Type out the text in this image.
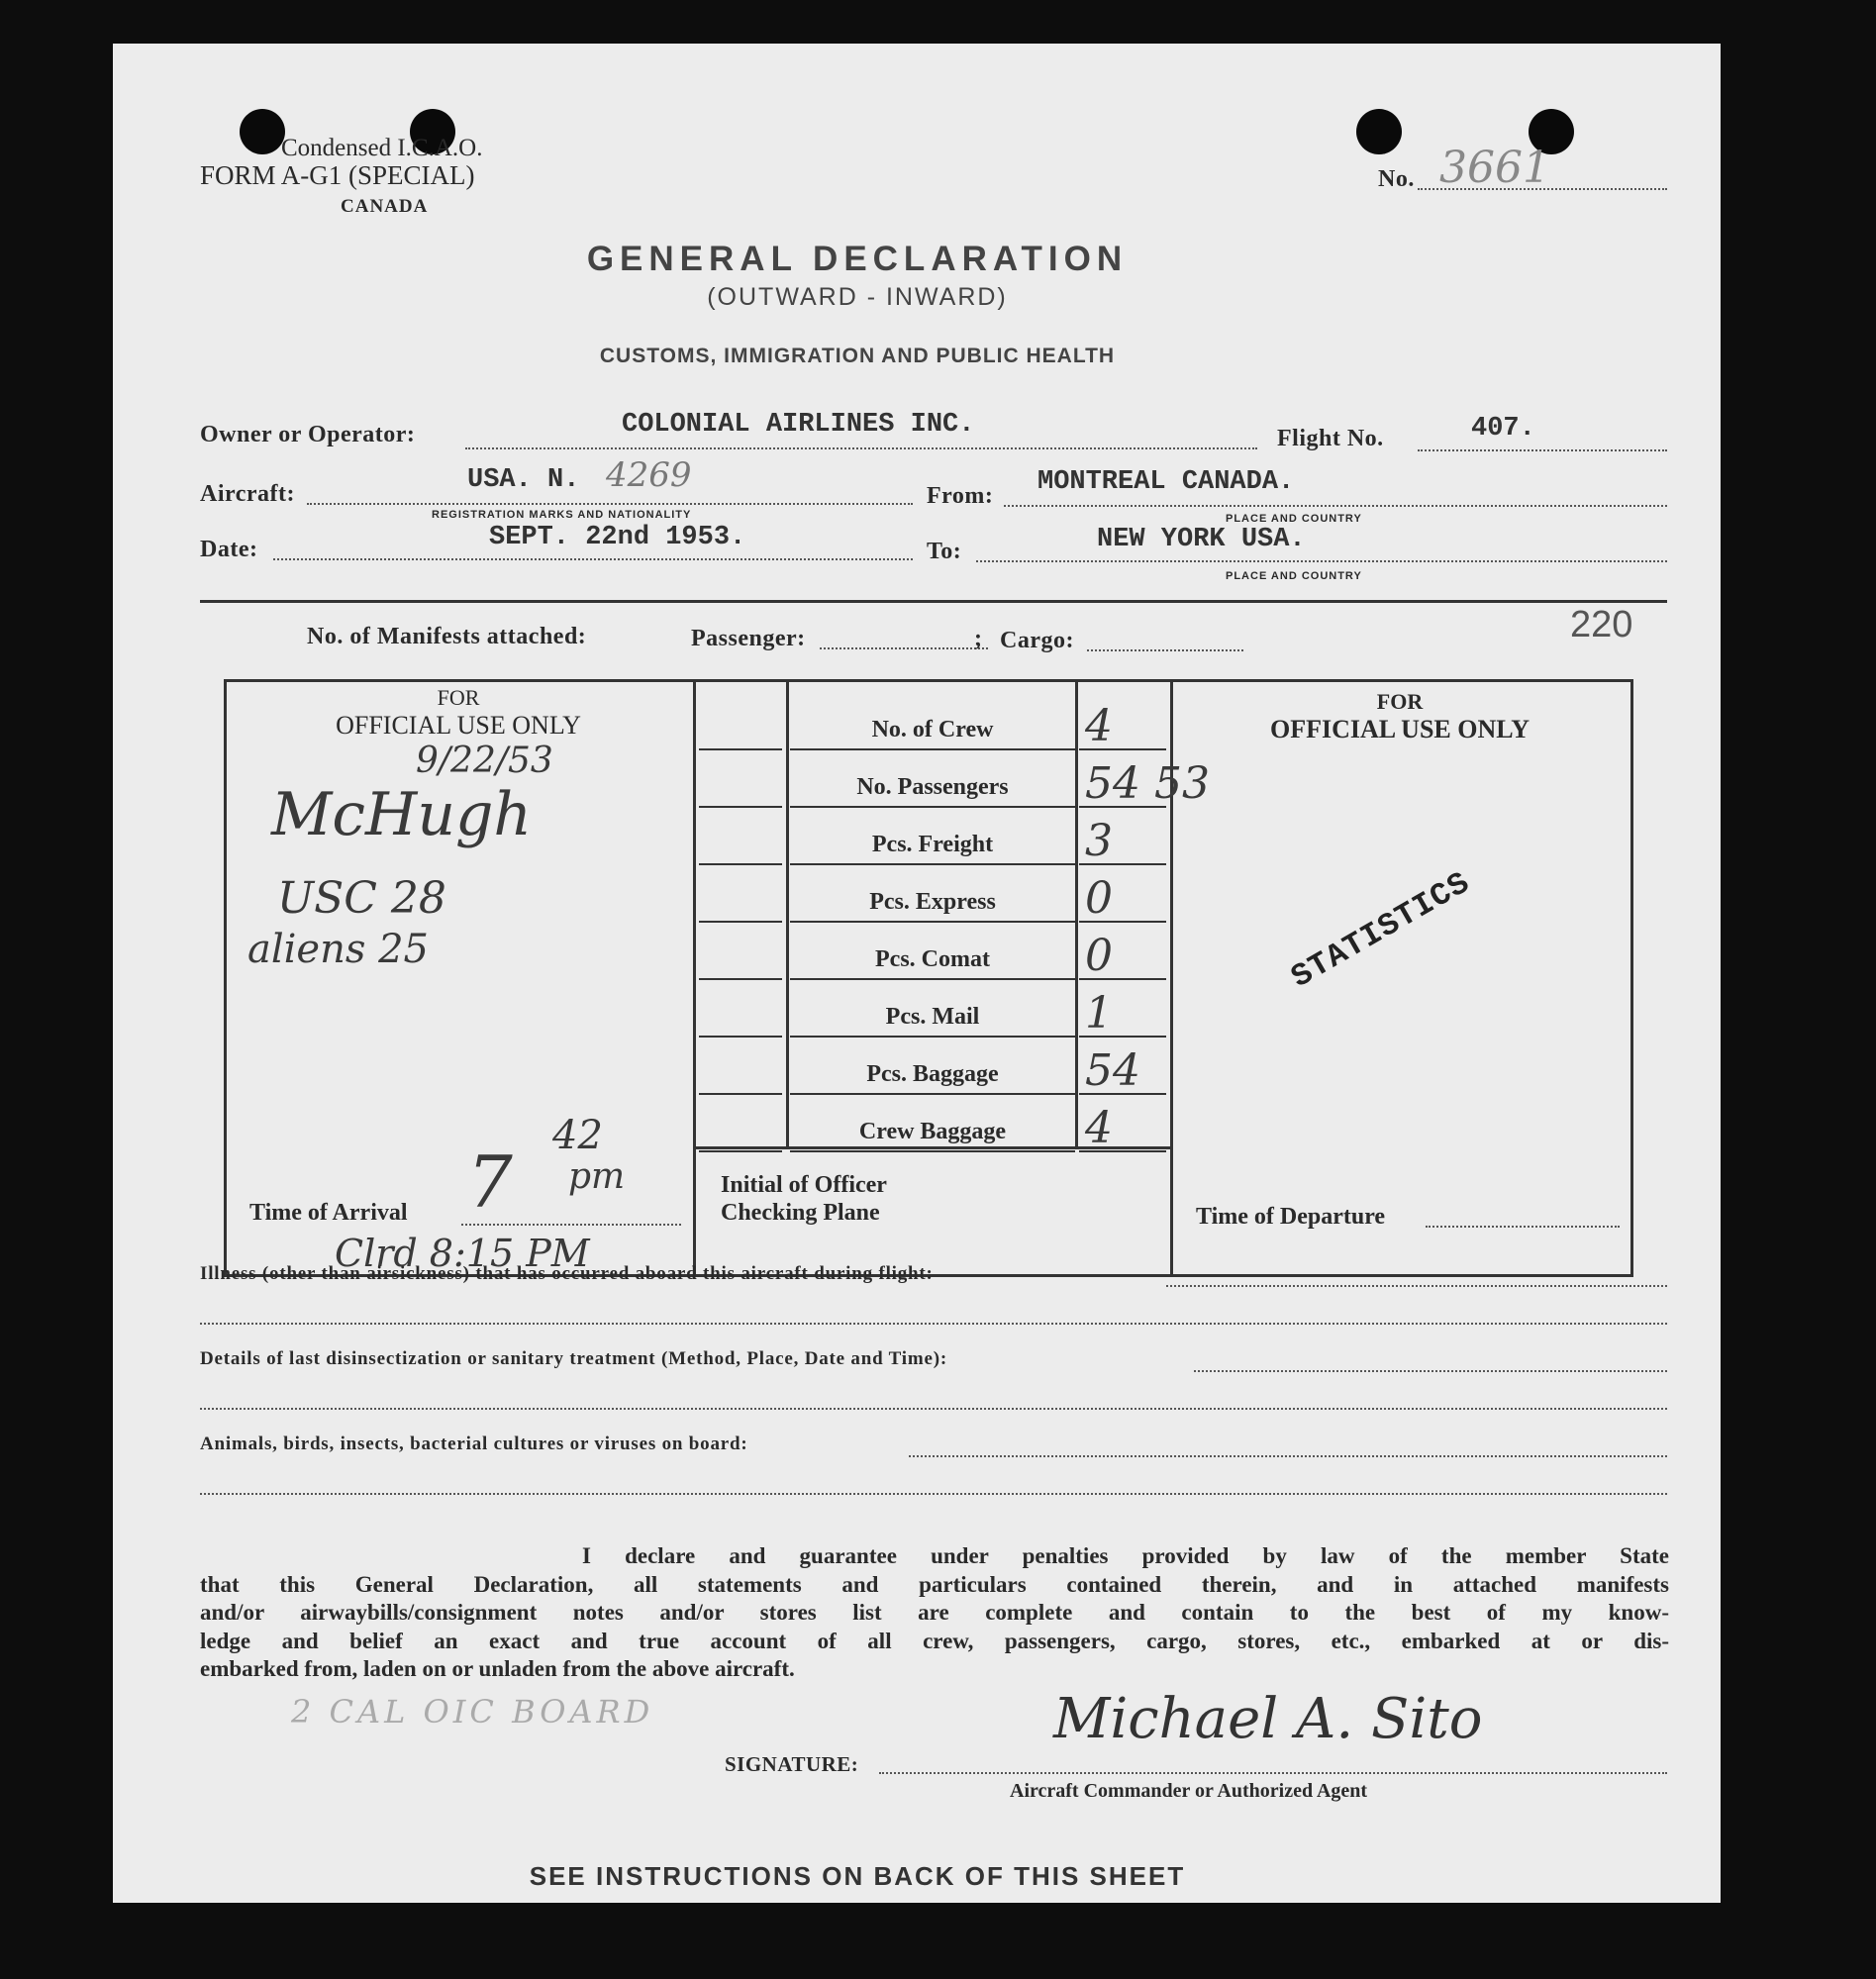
Condensed I.C.A.O.
FORM A-G1 (SPECIAL)
CANADA
No. 3661
GENERAL DECLARATION
(OUTWARD - INWARD)
CUSTOMS, IMMIGRATION AND PUBLIC HEALTH
Owner or Operator:	COLONIAL AIRLINES INC.	Flight No.	407.
Aircraft:	USA. N. 4269
REGISTRATION MARKS AND NATIONALITY
From: MONTREAL CANADA.
PLACE AND COUNTRY
Date:	SEPT. 22nd 1953.	To:	NEW YORK USA.
PLACE AND COUNTRY
No. of Manifests attached:	Passenger:	; Cargo:	220
FOR
OFFICIAL USE ONLY
9/22/53
McHugh
USC 28
aliens 25
Time of Arrival 7
42
pm	Initial of Officer
Checking Plane
FOR
OFFICIAL USE ONLY
STATISTICS
Time of Departure
Clrd 8:15 PM
Illness (other than airsickness) that has occurred aboard this aircraft during flight:
Details of last disinsectization or sanitary treatment (Method, Place, Date and Time):
Animals, birds, insects, bacterial cultures or viruses on board:
I declare and guarantee under penalties provided by law of the member State
that this General Declaration, all statements and particulars contained therein, and in attached manifests
and/or airwaybills/consignment notes and/or stores list are complete and contain to the best of my know-
ledge and belief an exact and true account of all crew, passengers, cargo, stores, etc., embarked at or dis-
embarked from, laden on or unladen from the above aircraft.
2 CAL OIC BOARD	Michael A. Sito
SIGNATURE:
Aircraft Commander or Authorized Agent
SEE INSTRUCTIONS ON BACK OF THIS SHEET
No. of Crew	4
No. Passengers	54 53
Pcs. Freight	3
Pcs. Express	0
Pcs. Comat	0
Pcs. Mail	1
Pcs. Baggage	54
Crew Baggage	4
